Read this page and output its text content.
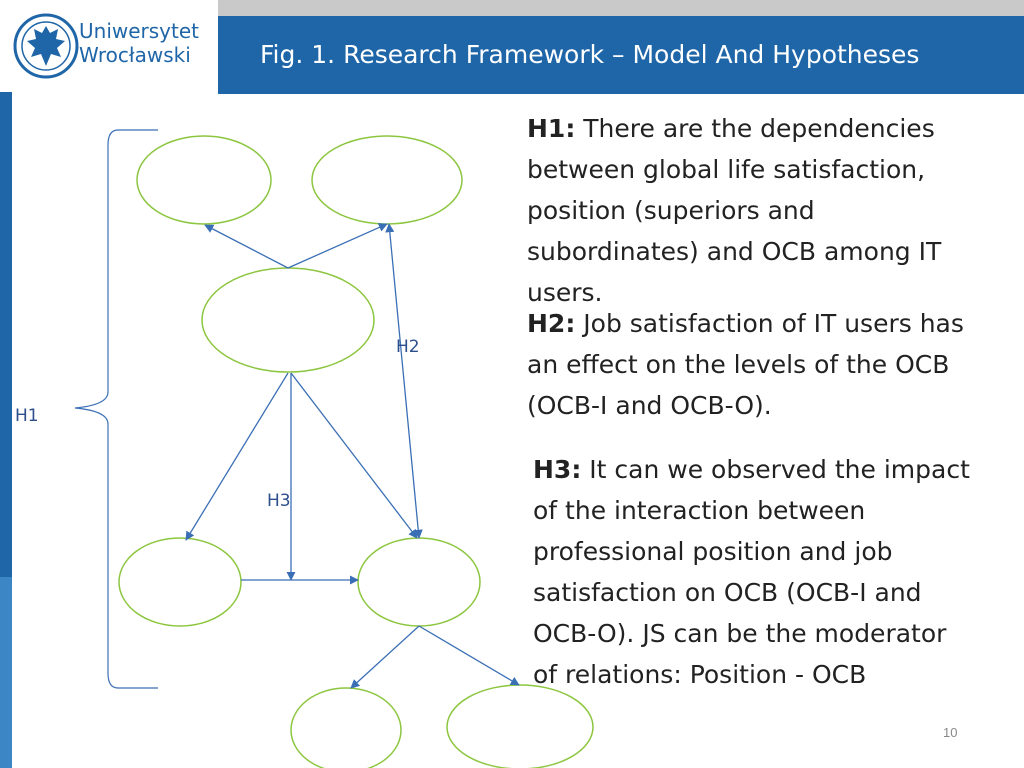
Fig. 1. Research Framework – Model And Hypotheses
Uniwersytet
Wrocławski
H1
H2
H3
H1: There are the dependencies
between global life satisfaction,
position (superiors and
subordinates) and OCB among IT
users.
H2: Job satisfaction of IT users has
an effect on the levels of the OCB
(OCB-I and OCB-O).
H3: It can we observed the impact
of the interaction between
professional position and job
satisfaction on OCB (OCB-I and
OCB-O). JS can be the moderator
of relations: Position - OCB
10
